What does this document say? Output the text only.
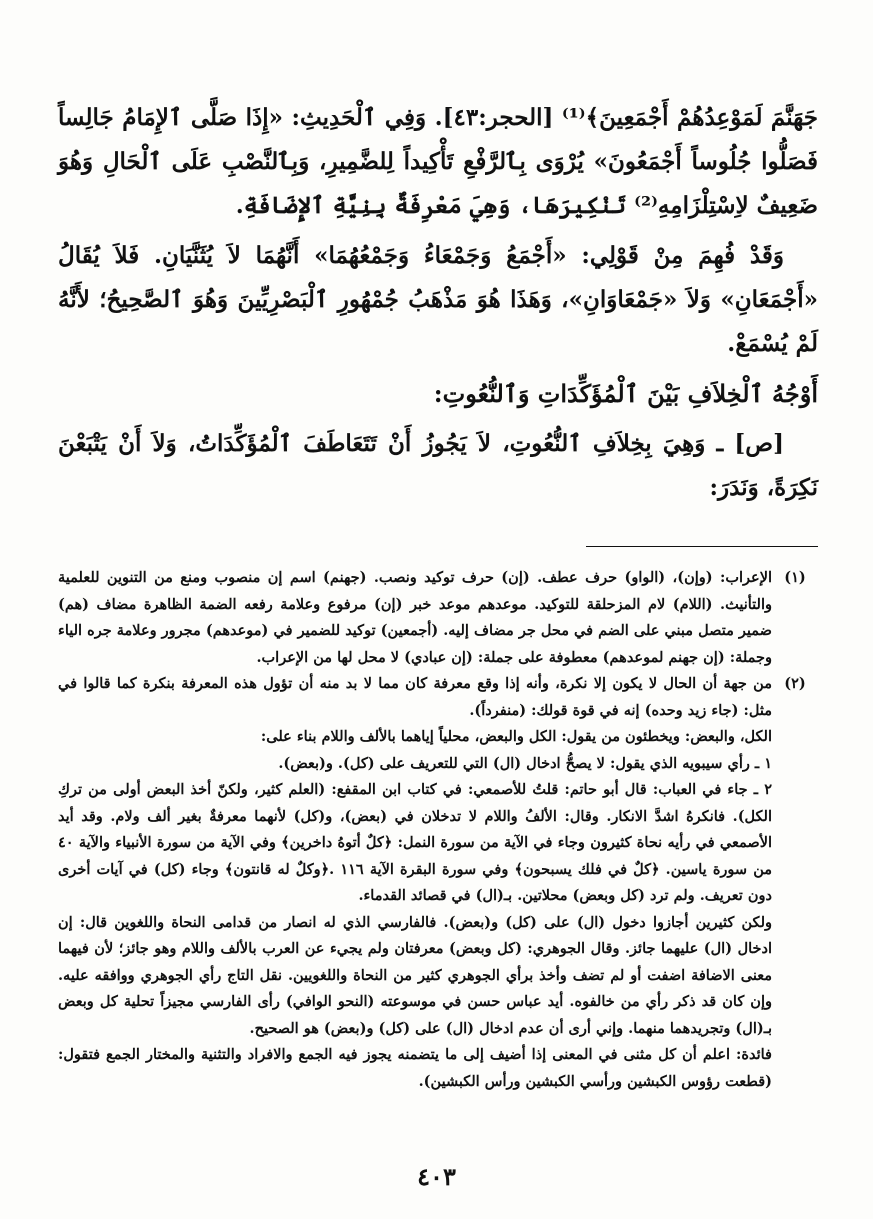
جَهَنَّمَ لَمَوْعِدُهُمْ أَجْمَعِينَ﴾⁽¹⁾ [الحجر:٤٣]. وَفِي ٱلْحَدِيثِ: «إِذَا صَلَّى ٱلإِمَامُ جَالِساً فَصَلُّوا جُلُوساً أَجْمَعُونَ» يُرْوَى بِٱلرَّفْعِ تَأْكِيداً لِلضَّمِيرِ، وَبِٱلنَّصْبِ عَلَى ٱلْحَالِ وَهُوَ ضَعِيفٌ لاِسْتِلْزَامِهِ⁽²⁾ تَنْكِيرَهَا، وَهِيَ مَعْرِفَةٌ بِنِيَّةِ ٱلإِضَافَةِ.

وَقَدْ فُهِمَ مِنْ قَوْلِي: «أَجْمَعُ وَجَمْعَاءُ وَجَمْعُهُمَا» أَنَّهُمَا لاَ يُثَنَّيَانِ. فَلاَ يُقَالُ «أَجْمَعَانِ» وَلاَ «جَمْعَاوَانِ»، وَهَذَا هُوَ مَذْهَبُ جُمْهُورِ ٱلْبَصْرِيِّينَ وَهُوَ ٱلصَّحِيحُ؛ لأَنَّهُ لَمْ يُسْمَعْ.

أَوْجُهُ ٱلْخِلاَفِ بَيْنَ ٱلْمُؤَكِّدَاتِ وَٱلنُّعُوتِ:

[ص] ـ وَهِيَ بِخِلاَفِ ٱلنُّعُوتِ، لاَ يَجُوزُ أَنْ تَتَعَاطَفَ ٱلْمُؤَكِّدَاتُ، وَلاَ أَنْ يَتْبَعْنَ نَكِرَةً، وَنَدَرَ:

(١)

الإعراب: (وإن)، (الواو) حرف عطف. (إن) حرف توكيد ونصب. (جهنم) اسم إن منصوب ومنع من التنوين للعلمية والتأنيث. (اللام) لام المزحلقة للتوكيد. موعدهم موعد خبر (إن) مرفوع وعلامة رفعه الضمة الظاهرة مضاف (هم) ضمير متصل مبني على الضم في محل جر مضاف إليه. (أجمعين) توكيد للضمير في (موعدهم) مجرور وعلامة جره الياء وجملة: (إن جهنم لموعدهم) معطوفة على جملة: (إن عبادي) لا محل لها من الإعراب.

(٢)

من جهة أن الحال لا يكون إلا نكرة، وأنه إذا وقع معرفة كان مما لا بد منه أن تؤول هذه المعرفة بنكرة كما قالوا في مثل: (جاء زيد وحده) إنه في قوة قولك: (منفرداً).

الكل، والبعض: ويخطئون من يقول: الكل والبعض، محلياً إياهما بالألف واللام بناء على:

١ ـ رأي سيبويه الذي يقول: لا يصحُّ ادخال (ال) التي للتعريف على (كل). و(بعض).

٢ ـ جاء في العباب: قال أبو حاتم: قلتُ للأصمعي: في كتاب ابن المقفع: (العلم كثير، ولكنّ أخذ البعض أولى من تركِ الكل). فانكرهُ اشدَّ الانكار. وقال: الألفُ واللام لا تدخلان في (بعض)، و(كل) لأنهما معرفةٌ بغير ألف ولام. وقد أيد الأصمعي في رأيه نحاة كثيرون وجاء في الآية من سورة النمل: ﴿كلٌ أتوهُ داخرين﴾ وفي الآية من سورة الأنبياء والآية ٤٠ من سورة ياسين. ﴿كلٌ في فلك يسبحون﴾ وفي سورة البقرة الآية ١١٦ .﴿وكلٌ له قانتون﴾ وجاء (كل) في آيات أخرى دون تعريف. ولم ترد (كل وبعض) محلاتين. بـ(ال) في قصائد القدماء.

ولكن كثيرين أجازوا دخول (ال) على (كل) و(بعض). فالفارسي الذي له انصار من قدامى النحاة واللغوين قال: إن ادخال (ال) عليهما جائز. وقال الجوهري: (كل وبعض) معرفتان ولم يجيء عن العرب بالألف واللام وهو جائز؛ لأن فيهما معنى الاضافة اضفت أو لم تضف وأخذ برأي الجوهري كثير من النحاة واللغويين. نقل التاج رأي الجوهري ووافقه عليه. وإن كان قد ذكر رأي من خالفوه. أيد عباس حسن في موسوعته (النحو الوافي) رأى الفارسي مجيزاً تحلية كل وبعض بـ(ال) وتجريدهما منهما. وإني أرى أن عدم ادخال (ال) على (كل) و(بعض) هو الصحيح.

فائدة: اعلم أن كل مثنى في المعنى إذا أضيف إلى ما يتضمنه يجوز فيه الجمع والافراد والتثنية والمختار الجمع فتقول: (قطعت رؤوس الكبشين ورأسي الكبشين ورأس الكبشين).

٤٠٣
